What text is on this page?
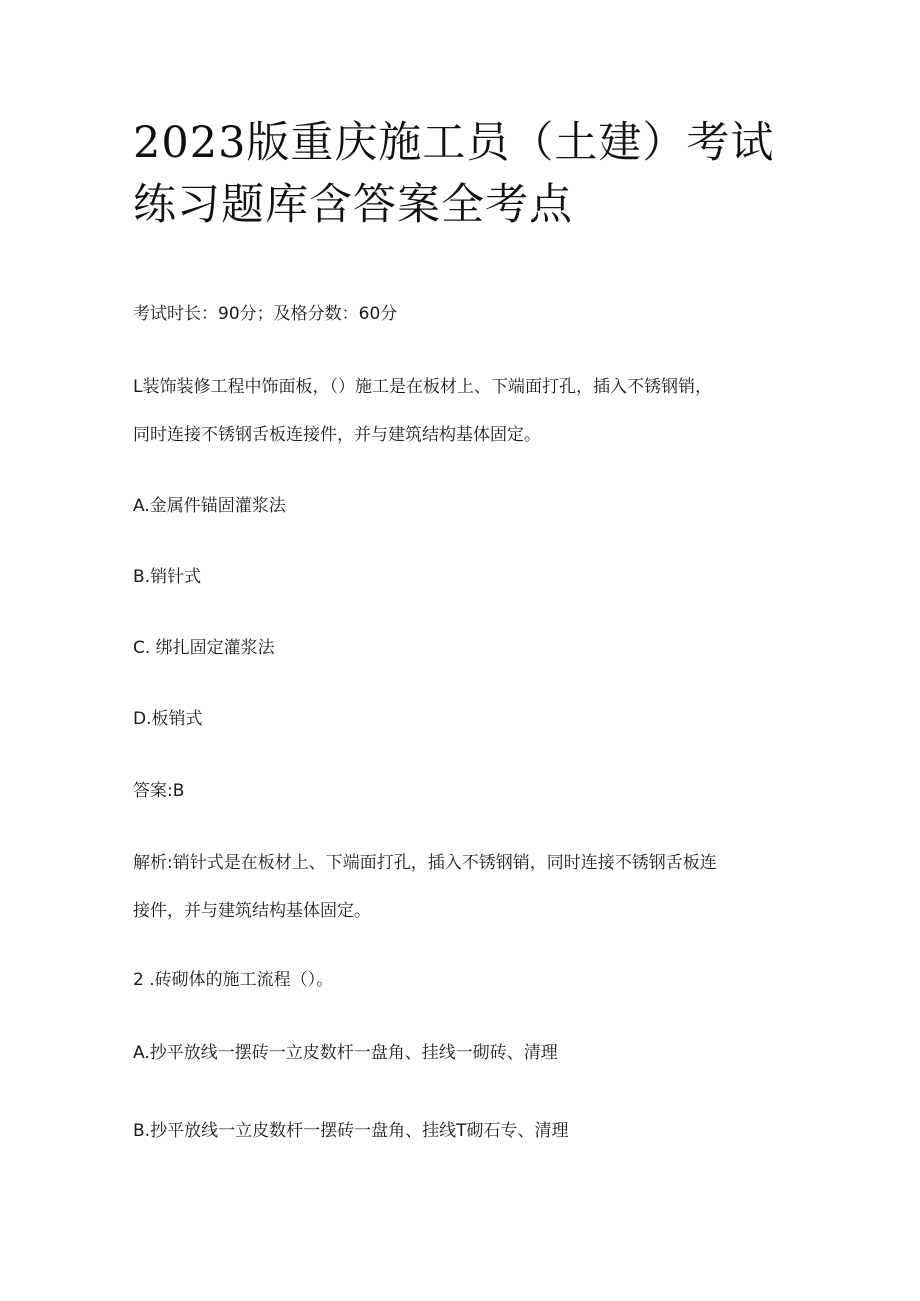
2023版重庆施工员（土建）考试练习题库含答案全考点

考试时长：90分；及格分数：60分

L装饰装修工程中饰面板，（）施工是在板材上、下端面打孔，插入不锈钢销，

同时连接不锈钢舌板连接件，并与建筑结构基体固定。

A.金属件锚固灌浆法

B.销针式

C. 绑扎固定灌浆法

D.板销式

答案:B

解析:销针式是在板材上、下端面打孔，插入不锈钢销，同时连接不锈钢舌板连

接件，并与建筑结构基体固定。

2 .砖砌体的施工流程（）。

A.抄平放线一摆砖一立皮数杆一盘角、挂线一砌砖、清理

B.抄平放线一立皮数杆一摆砖一盘角、挂线T砌石专、清理
